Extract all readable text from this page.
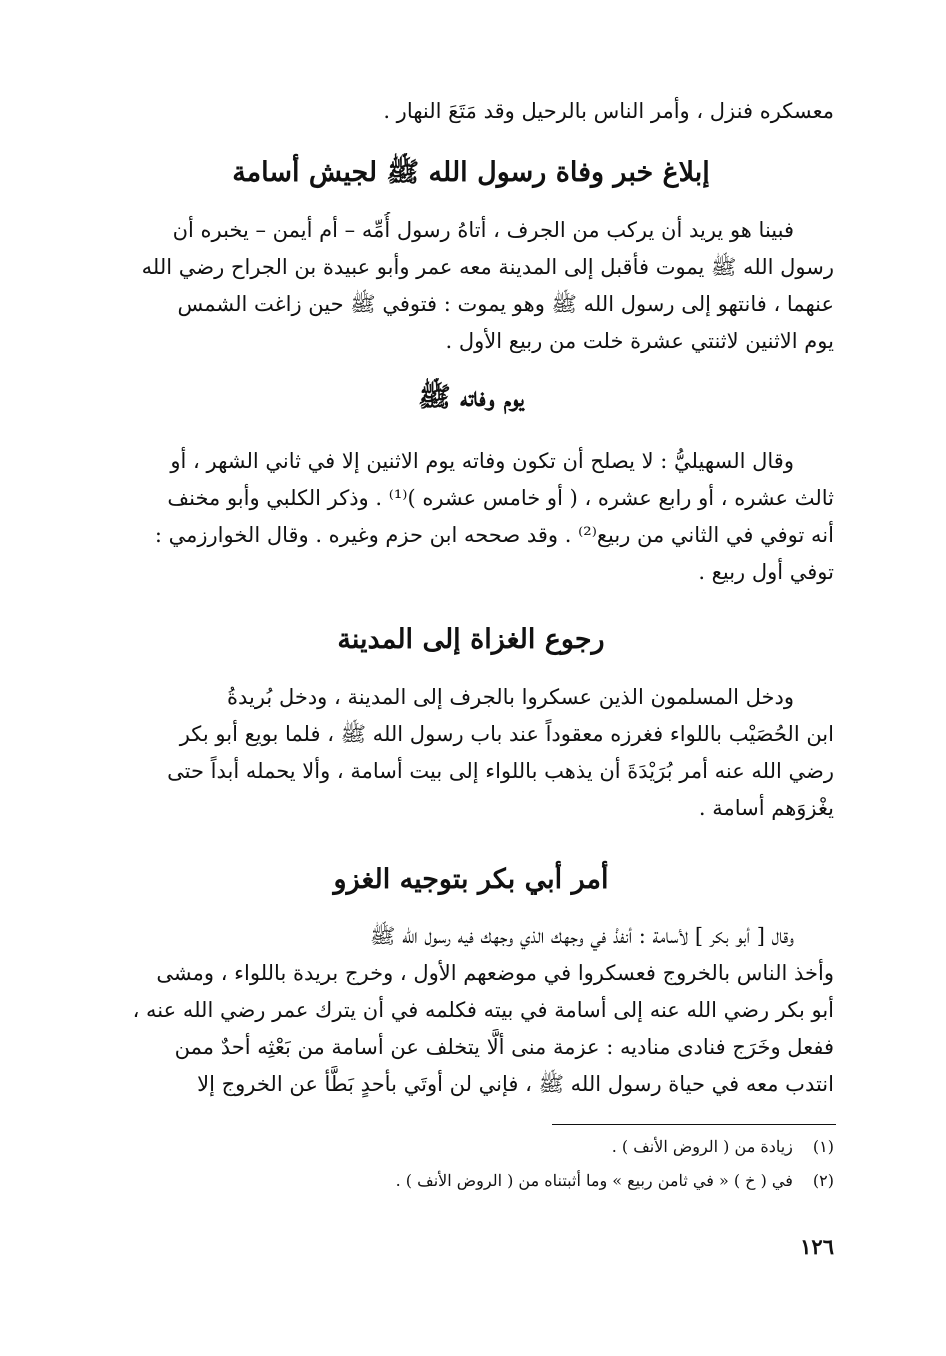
معسكره فنزل ، وأمر الناس بالرحيل وقد مَتَعَ النهار .
إبلاغ خبر وفاة رسول الله ﷺ لجيش أسامة
فبينا هو يريد أن يركب من الجرف ، أتاهُ رسول أُمِّه – أم أيمن – يخبره أن
رسول الله ﷺ يموت فأقبل إلى المدينة معه عمر وأبو عبيدة بن الجراح رضي الله
عنهما ، فانتهو إلى رسول الله ﷺ وهو يموت : فتوفي ﷺ حين زاغت الشمس
يوم الاثنين لاثنتي عشرة خلت من ربيع الأول .
يوم وفاته ﷺ
وقال السهيليُّ : لا يصلح أن تكون وفاته يوم الاثنين إلا في ثاني الشهر ، أو
ثالث عشره ، أو رابع عشره ، ( أو خامس عشره )⁽¹⁾ . وذكر الكلبي وأبو مخنف
أنه توفي في الثاني من ربيع⁽²⁾ . وقد صححه ابن حزم وغيره . وقال الخوارزمي :
توفي أول ربيع .
رجوع الغزاة إلى المدينة
ودخل المسلمون الذين عسكروا بالجرف إلى المدينة ، ودخل بُريدةُ
ابن الحُصَيْب باللواء فغرزه معقوداً عند باب رسول الله ﷺ ، فلما بويع أبو بكر
رضي الله عنه أمر بُرَيْدَةَ أن يذهب باللواء إلى بيت أسامة ، وألا يحمله أبداً حتى
يغْزوَهم أسامة .
أمر أبي بكر بتوجيه الغزو
وقال [ أبو بكر ] لأسامة : أنفذْ في وجهك الذي وجهك فيه رسول الله ﷺ
وأخذ الناس بالخروج فعسكروا في موضعهم الأول ، وخرج بريدة باللواء ، ومشى
أبو بكر رضي الله عنه إلى أسامة في بيته فكلمه في أن يترك عمر رضي الله عنه ،
ففعل وخَرَج فنادى مناديه : عزمة منى ألَّا يتخلف عن أسامة من بَعْثِه أحدٌ ممن
انتدب معه في حياة رسول الله ﷺ ، فإني لن أوتَي بأحدٍ بَطَّأ عن الخروج إلا
(١) زيادة من ( الروض الأنف ) .
(٢) في ( خ ) « في ثامن ربيع » وما أثبتناه من ( الروض الأنف ) .
١٢٦
